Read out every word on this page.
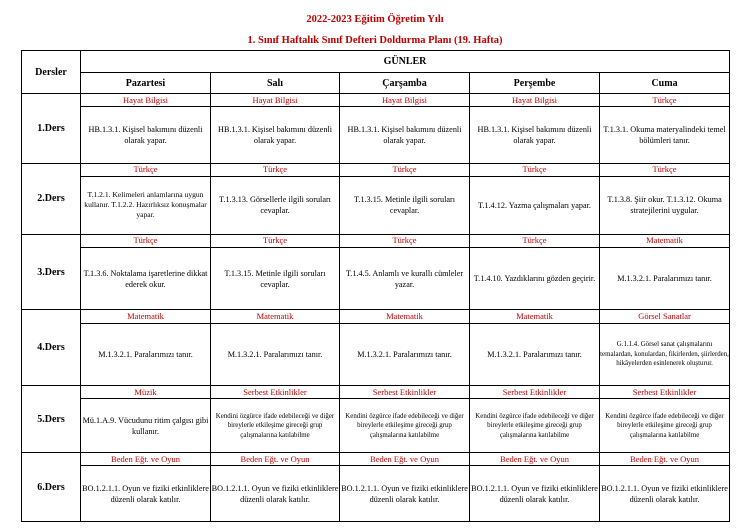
2022-2023 Eğitim Öğretim Yılı
1. Sınıf Haftalık Sınıf Defteri Doldurma Planı (19. Hafta)
Dersler	GÜNLER				
	Pazartesi	Salı	Çarşamba	Perşembe	Cuma
1.Ders	Hayat Bilgisi	Hayat Bilgisi	Hayat Bilgisi	Hayat Bilgisi	Türkçe
	HB.1.3.1. Kişisel bakımını düzenli olarak yapar.	HB.1.3.1. Kişisel bakımını düzenli olarak yapar.	HB.1.3.1. Kişisel bakımını düzenli olarak yapar.	HB.1.3.1. Kişisel bakımını düzenli olarak yapar.	T.1.3.1. Okuma materyalindeki temel bölümleri tanır.
2.Ders	Türkçe	Türkçe	Türkçe	Türkçe	Türkçe
	T.1.2.1. Kelimeleri anlamlarına uygun kullanır. T.1.2.2. Hazırlıksız konuşmalar yapar.	T.1.3.13. Görsellerle ilgili soruları cevaplar.	T.1.3.15. Metinle ilgili soruları cevaplar.	T.1.4.12. Yazma çalışmaları yapar.	T.1.3.8. Şiir okur. T.1.3.12. Okuma stratejilerini uygular.
3.Ders	Türkçe	Türkçe	Türkçe	Türkçe	Matematik
	T.1.3.6. Noktalama işaretlerine dikkat ederek okur.	T.1.3.15. Metinle ilgili soruları cevaplar.	T.1.4.5. Anlamlı ve kurallı cümleler yazar.	T.1.4.10. Yazdıklarını gözden geçirir.	M.1.3.2.1. Paralarımızı tanır.
4.Ders	Matematik	Matematik	Matematik	Matematik	Görsel Sanatlar
	M.1.3.2.1. Paralarımızı tanır.	M.1.3.2.1. Paralarımızı tanır.	M.1.3.2.1. Paralarımızı tanır.	M.1.3.2.1. Paralarımızı tanır.	G.1.1.4. Görsel sanat çalışmalarını temalardan, konulardan, fikirlerden, şiirlerden, hikâyelerden esinlenerek oluşturur.
5.Ders	Müzik	Serbest Etkinlikler	Serbest Etkinlikler	Serbest Etkinlikler	Serbest Etkinlikler
	Mü.1.A.9. Vücudunu ritim çalgısı gibi kullanır.	Kendini özgürce ifade edebileceği ve diğer bireylerle etkileşime gireceği grup çalışmalarına katılabilme	Kendini özgürce ifade edebileceği ve diğer bireylerle etkileşime gireceği grup çalışmalarına katılabilme	Kendini özgürce ifade edebileceği ve diğer bireylerle etkileşime gireceği grup çalışmalarına katılabilme	Kendini özgürce ifade edebileceği ve diğer bireylerle etkileşime gireceği grup çalışmalarına katılabilme
6.Ders	Beden Eğt. ve Oyun	Beden Eğt. ve Oyun	Beden Eğt. ve Oyun	Beden Eğt. ve Oyun	Beden Eğt. ve Oyun
	BO.1.2.1.1. Oyun ve fiziki etkinliklere düzenli olarak katılır.	BO.1.2.1.1. Oyun ve fiziki etkinliklere düzenli olarak katılır.	BO.1.2.1.1. Oyun ve fiziki etkinliklere düzenli olarak katılır.	BO.1.2.1.1. Oyun ve fiziki etkinliklere düzenli olarak katılır.	BO.1.2.1.1. Oyun ve fiziki etkinliklere düzenli olarak katılır.
